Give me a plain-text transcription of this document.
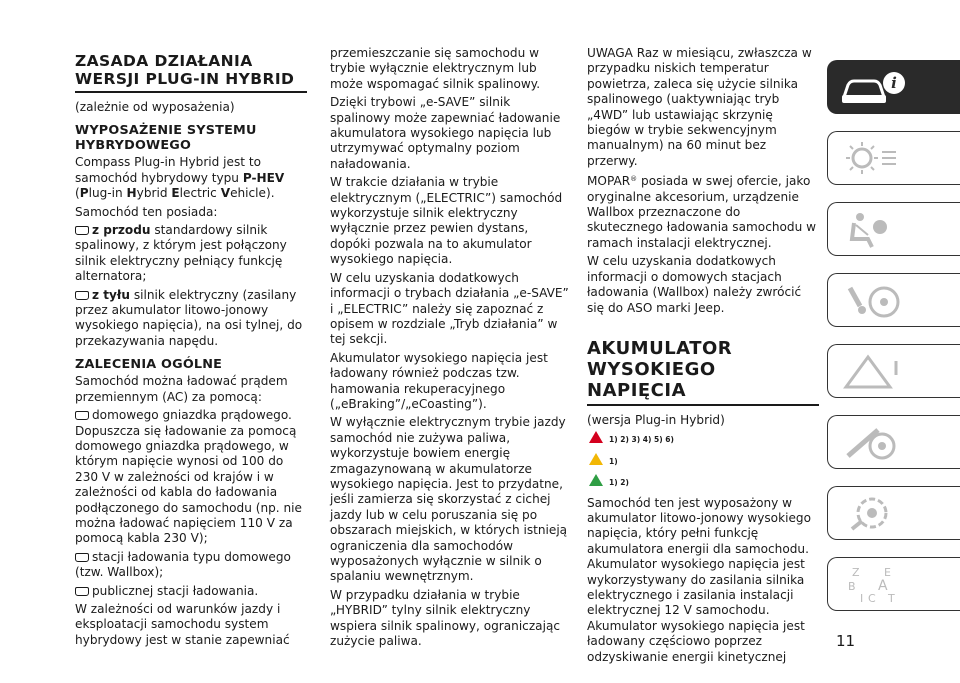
ZASADA DZIAŁANIA
WERSJI PLUG-IN HYBRID

(zależnie od wyposażenia)

WYPOSAŻENIE SYSTEMU HYBRYDOWEGO

Compass Plug-in Hybrid jest to samochód hybrydowy typu P-HEV (Plug-in Hybrid Electric Vehicle).

Samochód ten posiada:

z przodu standardowy silnik spalinowy, z którym jest połączony silnik elektryczny pełniący funkcję alternatora;

z tyłu silnik elektryczny (zasilany przez akumulator litowo-jonowy wysokiego napięcia), na osi tylnej, do przekazywania napędu.

ZALECENIA OGÓLNE

Samochód można ładować prądem przemiennym (AC) za pomocą:

domowego gniazdka prądowego. Dopuszcza się ładowanie za pomocą domowego gniazdka prądowego, w którym napięcie wynosi od 100 do 230 V w zależności od krajów i w zależności od kabla do ładowania podłączonego do samochodu (np. nie można ładować napięciem 110 V za pomocą kabla 230 V);

stacji ładowania typu domowego (tzw. Wallbox);

publicznej stacji ładowania.

W zależności od warunków jazdy i eksploatacji samochodu system hybrydowy jest w stanie zapewniać

przemieszczanie się samochodu w trybie wyłącznie elektrycznym lub może wspomagać silnik spalinowy.

Dzięki trybowi „e-SAVE” silnik spalinowy może zapewniać ładowanie akumulatora wysokiego napięcia lub utrzymywać optymalny poziom naładowania.

W trakcie działania w trybie elektrycznym („ELECTRIC”) samochód wykorzystuje silnik elektryczny wyłącznie przez pewien dystans, dopóki pozwala na to akumulator wysokiego napięcia.

W celu uzyskania dodatkowych informacji o trybach działania „e-SAVE” i „ELECTRIC” należy się zapoznać z opisem w rozdziale „Tryb działania” w tej sekcji.

Akumulator wysokiego napięcia jest ładowany również podczas tzw. hamowania rekuperacyjnego („eBraking”/„eCoasting”).

W wyłącznie elektrycznym trybie jazdy samochód nie zużywa paliwa, wykorzystuje bowiem energię zmagazynowaną w akumulatorze wysokiego napięcia. Jest to przydatne, jeśli zamierza się skorzystać z cichej jazdy lub w celu poruszania się po obszarach miejskich, w których istnieją ograniczenia dla samochodów wyposażonych wyłącznie w silnik o spalaniu wewnętrznym.

W przypadku działania w trybie „HYBRID” tylny silnik elektryczny wspiera silnik spalinowy, ograniczając zużycie paliwa.

UWAGA Raz w miesiącu, zwłaszcza w przypadku niskich temperatur powietrza, zaleca się użycie silnika spalinowego (uaktywniając tryb „4WD” lub ustawiając skrzynię biegów w trybie sekwencyjnym manualnym) na 60 minut bez przerwy.

MOPAR® posiada w swej ofercie, jako oryginalne akcesorium, urządzenie Wallbox przeznaczone do skutecznego ładowania samochodu w ramach instalacji elektrycznej.

W celu uzyskania dodatkowych informacji o domowych stacjach ładowania (Wallbox) należy zwrócić się do ASO marki Jeep.

AKUMULATOR
WYSOKIEGO NAPIĘCIA

(wersja Plug-in Hybrid)

1) 2) 3) 4) 5) 6)
1)
1) 2)

Samochód ten jest wyposażony w akumulator litowo-jonowy wysokiego napięcia, który pełni funkcję akumulatora energii dla samochodu. Akumulator wysokiego napięcia jest wykorzystywany do zasilania silnika elektrycznego i zasilania instalacji elektrycznej 12 V samochodu. Akumulator wysokiego napięcia jest ładowany częściowo poprzez odzyskiwanie energii kinetycznej

i
Z E
B A
I C T
11
